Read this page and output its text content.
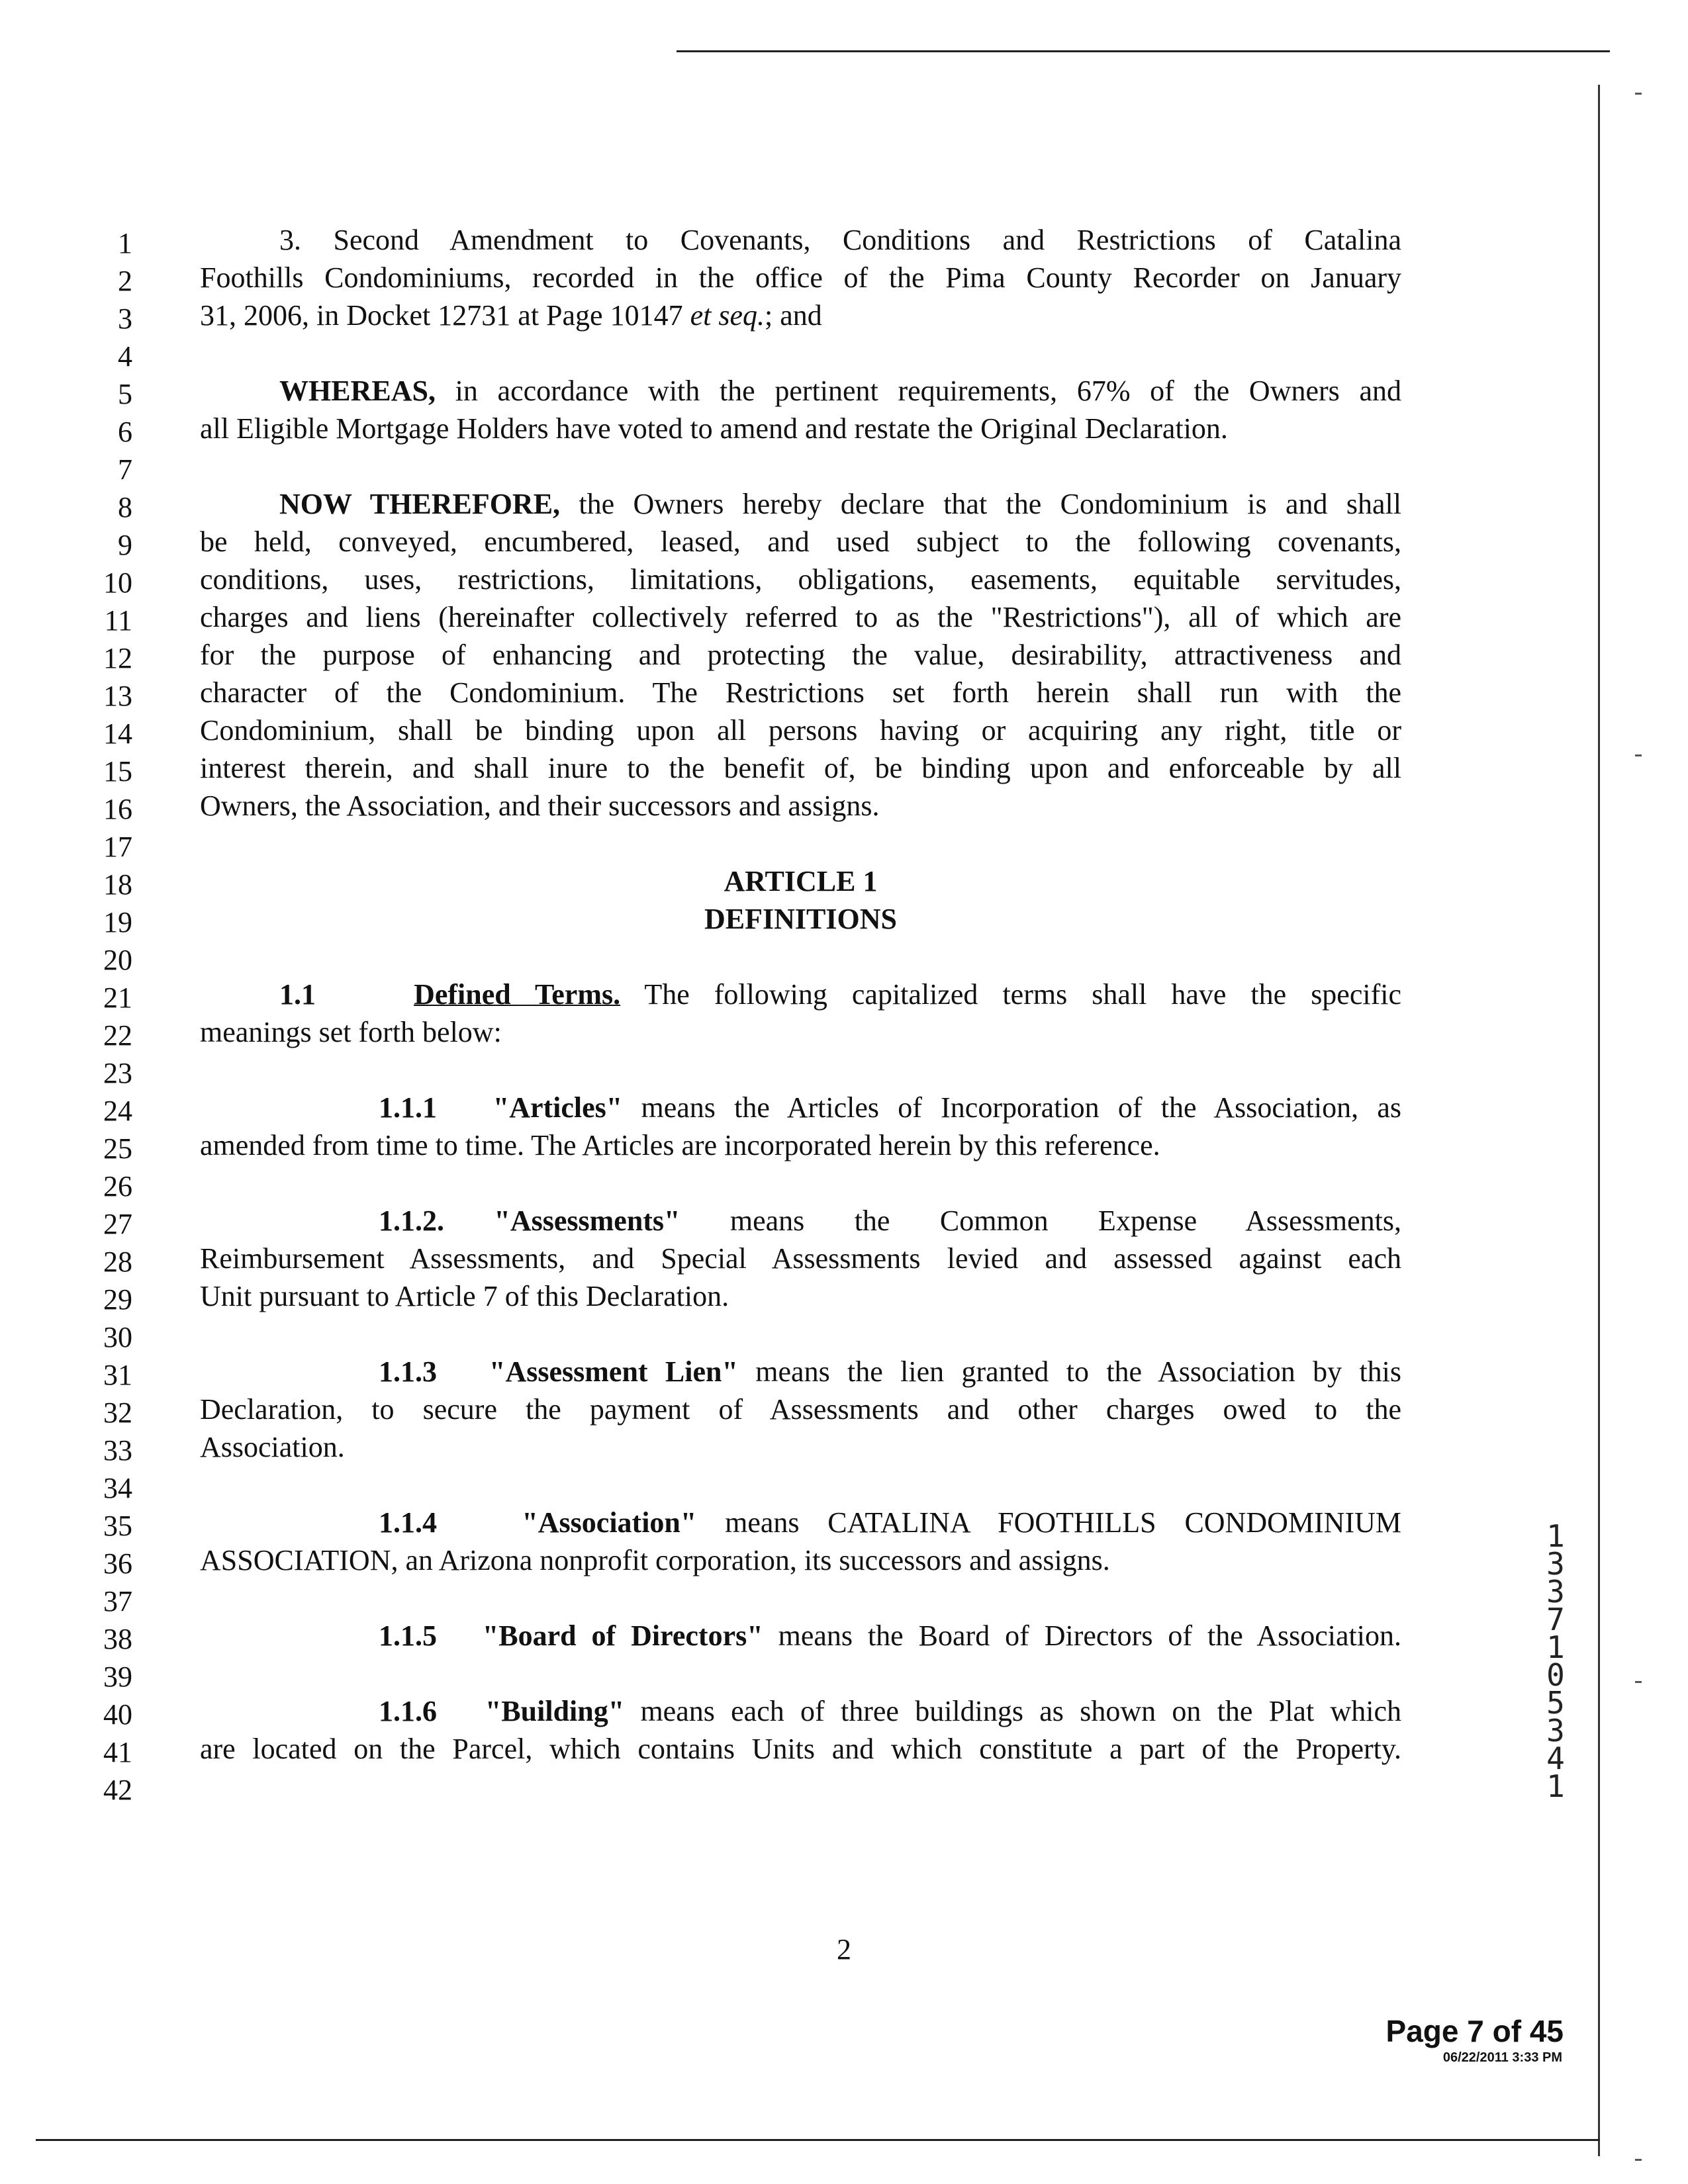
1
2
3
4
5
6
7
8
9
10
11
12
13
14
15
16
17
18
19
20
21
22
23
24
25
26
27
28
29
30
31
32
33
34
35
36
37
38
39
40
41
42
3. Second Amendment to Covenants, Conditions and Restrictions of Catalina
Foothills Condominiums, recorded in the office of the Pima County Recorder on January
31, 2006, in Docket 12731 at Page 10147 et seq.; and
WHEREAS, in accordance with the pertinent requirements, 67% of the Owners and
all Eligible Mortgage Holders have voted to amend and restate the Original Declaration.
NOW THEREFORE, the Owners hereby declare that the Condominium is and shall
be held, conveyed, encumbered, leased, and used subject to the following covenants,
conditions, uses, restrictions, limitations, obligations, easements, equitable servitudes,
charges and liens (hereinafter collectively referred to as the "Restrictions"), all of which are
for the purpose of enhancing and protecting the value, desirability, attractiveness and
character of the Condominium. The Restrictions set forth herein shall run with the
Condominium, shall be binding upon all persons having or acquiring any right, title or
interest therein, and shall inure to the benefit of, be binding upon and enforceable by all
Owners, the Association, and their successors and assigns.
ARTICLE 1
DEFINITIONS
1.1	Defined Terms. The following capitalized terms shall have the specific
meanings set forth below:
1.1.1 "Articles" means the Articles of Incorporation of the Association, as
amended from time to time. The Articles are incorporated herein by this reference.
1.1.2. "Assessments" means the Common Expense Assessments,
Reimbursement Assessments, and Special Assessments levied and assessed against each
Unit pursuant to Article 7 of this Declaration.
1.1.3 "Assessment Lien" means the lien granted to the Association by this
Declaration, to secure the payment of Assessments and other charges owed to the
Association.
1.1.4	"Association" means CATALINA FOOTHILLS CONDOMINIUM
ASSOCIATION, an Arizona nonprofit corporation, its successors and assigns.
1.1.5 "Board of Directors" means the Board of Directors of the Association.
1.1.6 "Building" means each of three buildings as shown on the Plat which
are located on the Parcel, which contains Units and which constitute a part of the Property.
1
3
3
7
1
0
5
3
4
1
2
Page 7 of 45
06/22/2011 3:33 PM
